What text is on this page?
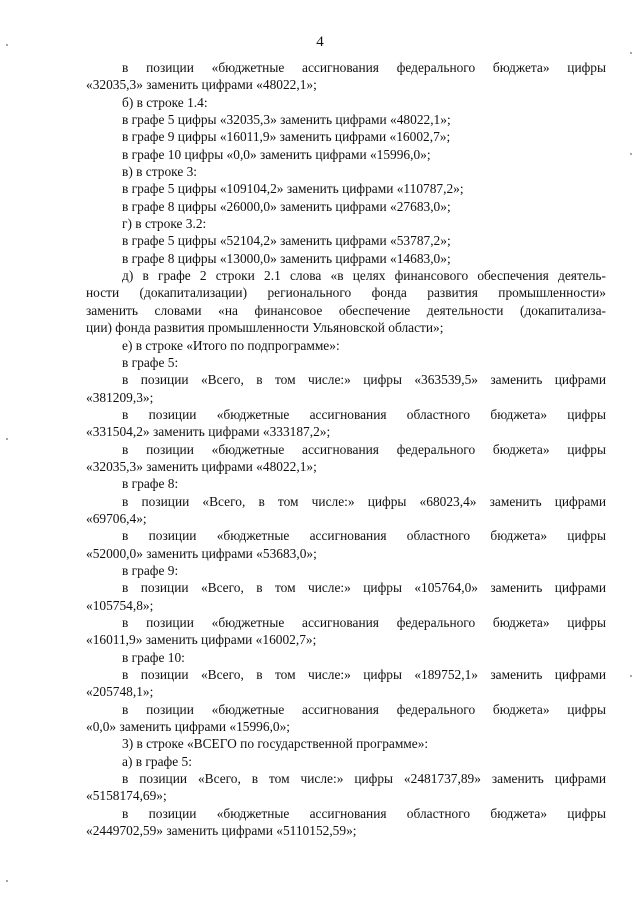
4
в позиции «бюджетные ассигнования федерального бюджета» цифры
«32035,3» заменить цифрами «48022,1»;
б) в строке 1.4:
в графе 5 цифры «32035,3» заменить цифрами «48022,1»;
в графе 9 цифры «16011,9» заменить цифрами «16002,7»;
в графе 10 цифры «0,0» заменить цифрами «15996,0»;
в) в строке 3:
в графе 5 цифры «109104,2» заменить цифрами «110787,2»;
в графе 8 цифры «26000,0» заменить цифрами «27683,0»;
г) в строке 3.2:
в графе 5 цифры «52104,2» заменить цифрами «53787,2»;
в графе 8 цифры «13000,0» заменить цифрами «14683,0»;
д) в графе 2 строки 2.1 слова «в целях финансового обеспечения деятель-
ности (докапитализации) регионального фонда развития промышленности»
заменить словами «на финансовое обеспечение деятельности (докапитализа-
ции) фонда развития промышленности Ульяновской области»;
е) в строке «Итого по подпрограмме»:
в графе 5:
в позиции «Всего, в том числе:» цифры «363539,5» заменить цифрами
«381209,3»;
в позиции «бюджетные ассигнования областного бюджета» цифры
«331504,2» заменить цифрами «333187,2»;
в позиции «бюджетные ассигнования федерального бюджета» цифры
«32035,3» заменить цифрами «48022,1»;
в графе 8:
в позиции «Всего, в том числе:» цифры «68023,4» заменить цифрами
«69706,4»;
в позиции «бюджетные ассигнования областного бюджета» цифры
«52000,0» заменить цифрами «53683,0»;
в графе 9:
в позиции «Всего, в том числе:» цифры «105764,0» заменить цифрами
«105754,8»;
в позиции «бюджетные ассигнования федерального бюджета» цифры
«16011,9» заменить цифрами «16002,7»;
в графе 10:
в позиции «Всего, в том числе:» цифры «189752,1» заменить цифрами
«205748,1»;
в позиции «бюджетные ассигнования федерального бюджета» цифры
«0,0» заменить цифрами «15996,0»;
3) в строке «ВСЕГО по государственной программе»:
а) в графе 5:
в позиции «Всего, в том числе:» цифры «2481737,89» заменить цифрами
«5158174,69»;
в позиции «бюджетные ассигнования областного бюджета» цифры
«2449702,59» заменить цифрами «5110152,59»;
